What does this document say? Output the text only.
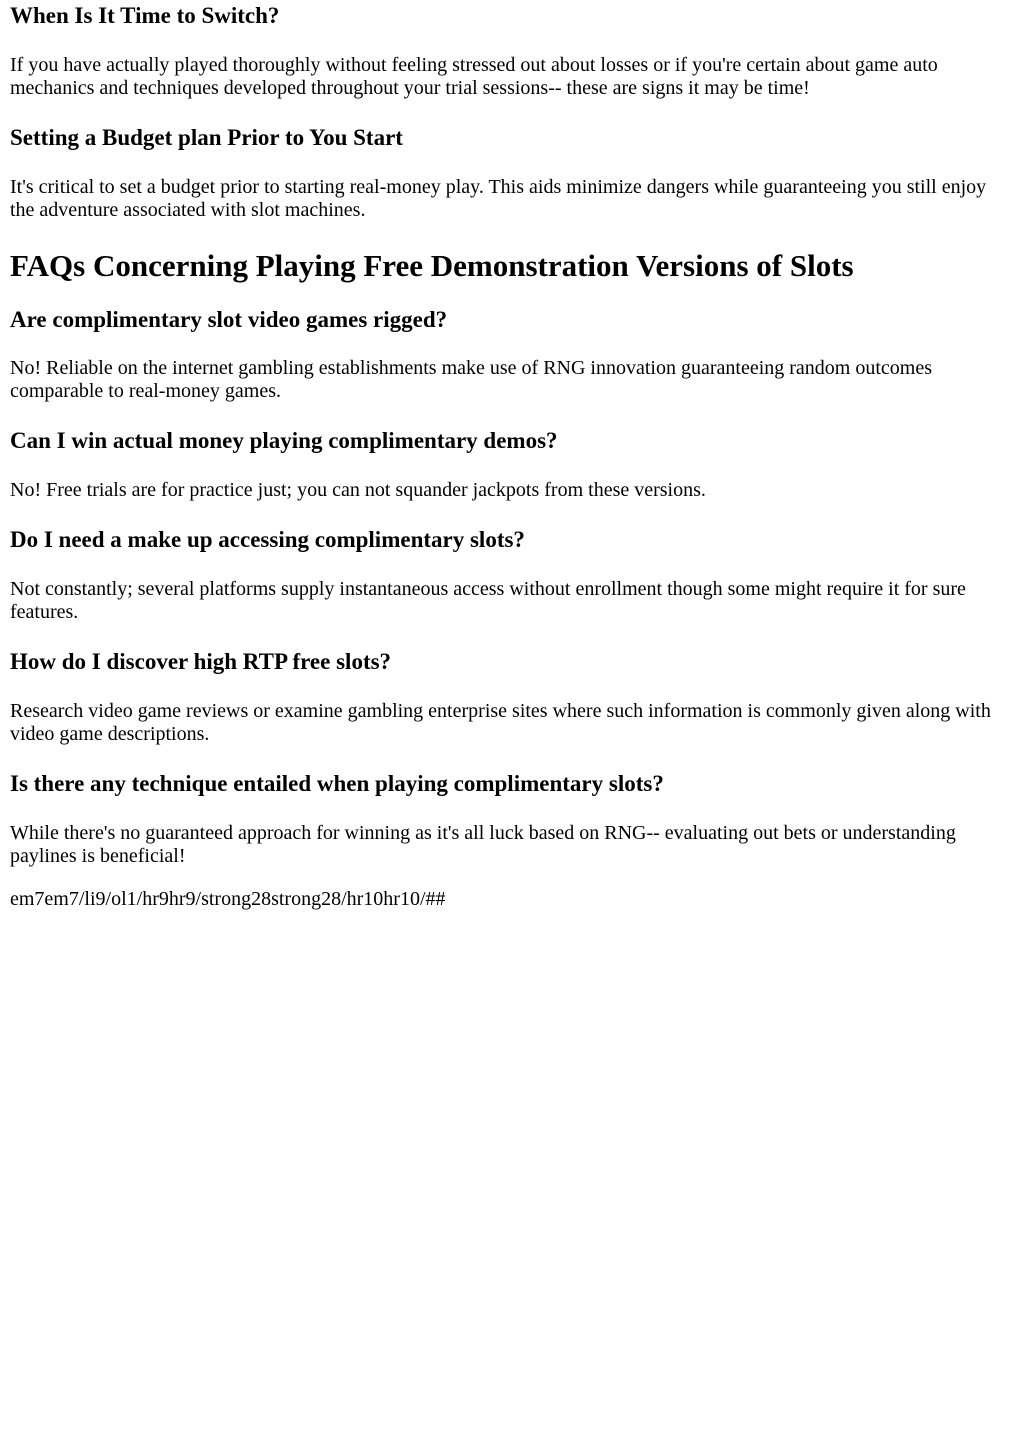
When Is It Time to Switch?

If you have actually played thoroughly without feeling stressed out about losses or if you're certain about game auto mechanics and techniques developed throughout your trial sessions-- these are signs it may be time!

Setting a Budget plan Prior to You Start

It's critical to set a budget prior to starting real-money play. This aids minimize dangers while guaranteeing you still enjoy the adventure associated with slot machines.

FAQs Concerning Playing Free Demonstration Versions of Slots
Are complimentary slot video games rigged?

No! Reliable on the internet gambling establishments make use of RNG innovation guaranteeing random outcomes comparable to real-money games.

Can I win actual money playing complimentary demos?

No! Free trials are for practice just; you can not squander jackpots from these versions.

Do I need a make up accessing complimentary slots?

Not constantly; several platforms supply instantaneous access without enrollment though some might require it for sure features.

How do I discover high RTP free slots?

Research video game reviews or examine gambling enterprise sites where such information is commonly given along with video game descriptions.

Is there any technique entailed when playing complimentary slots?

While there's no guaranteed approach for winning as it's all luck based on RNG-- evaluating out bets or understanding paylines is beneficial!

em7em7/li9/ol1/hr9hr9/strong28strong28/hr10hr10/##
